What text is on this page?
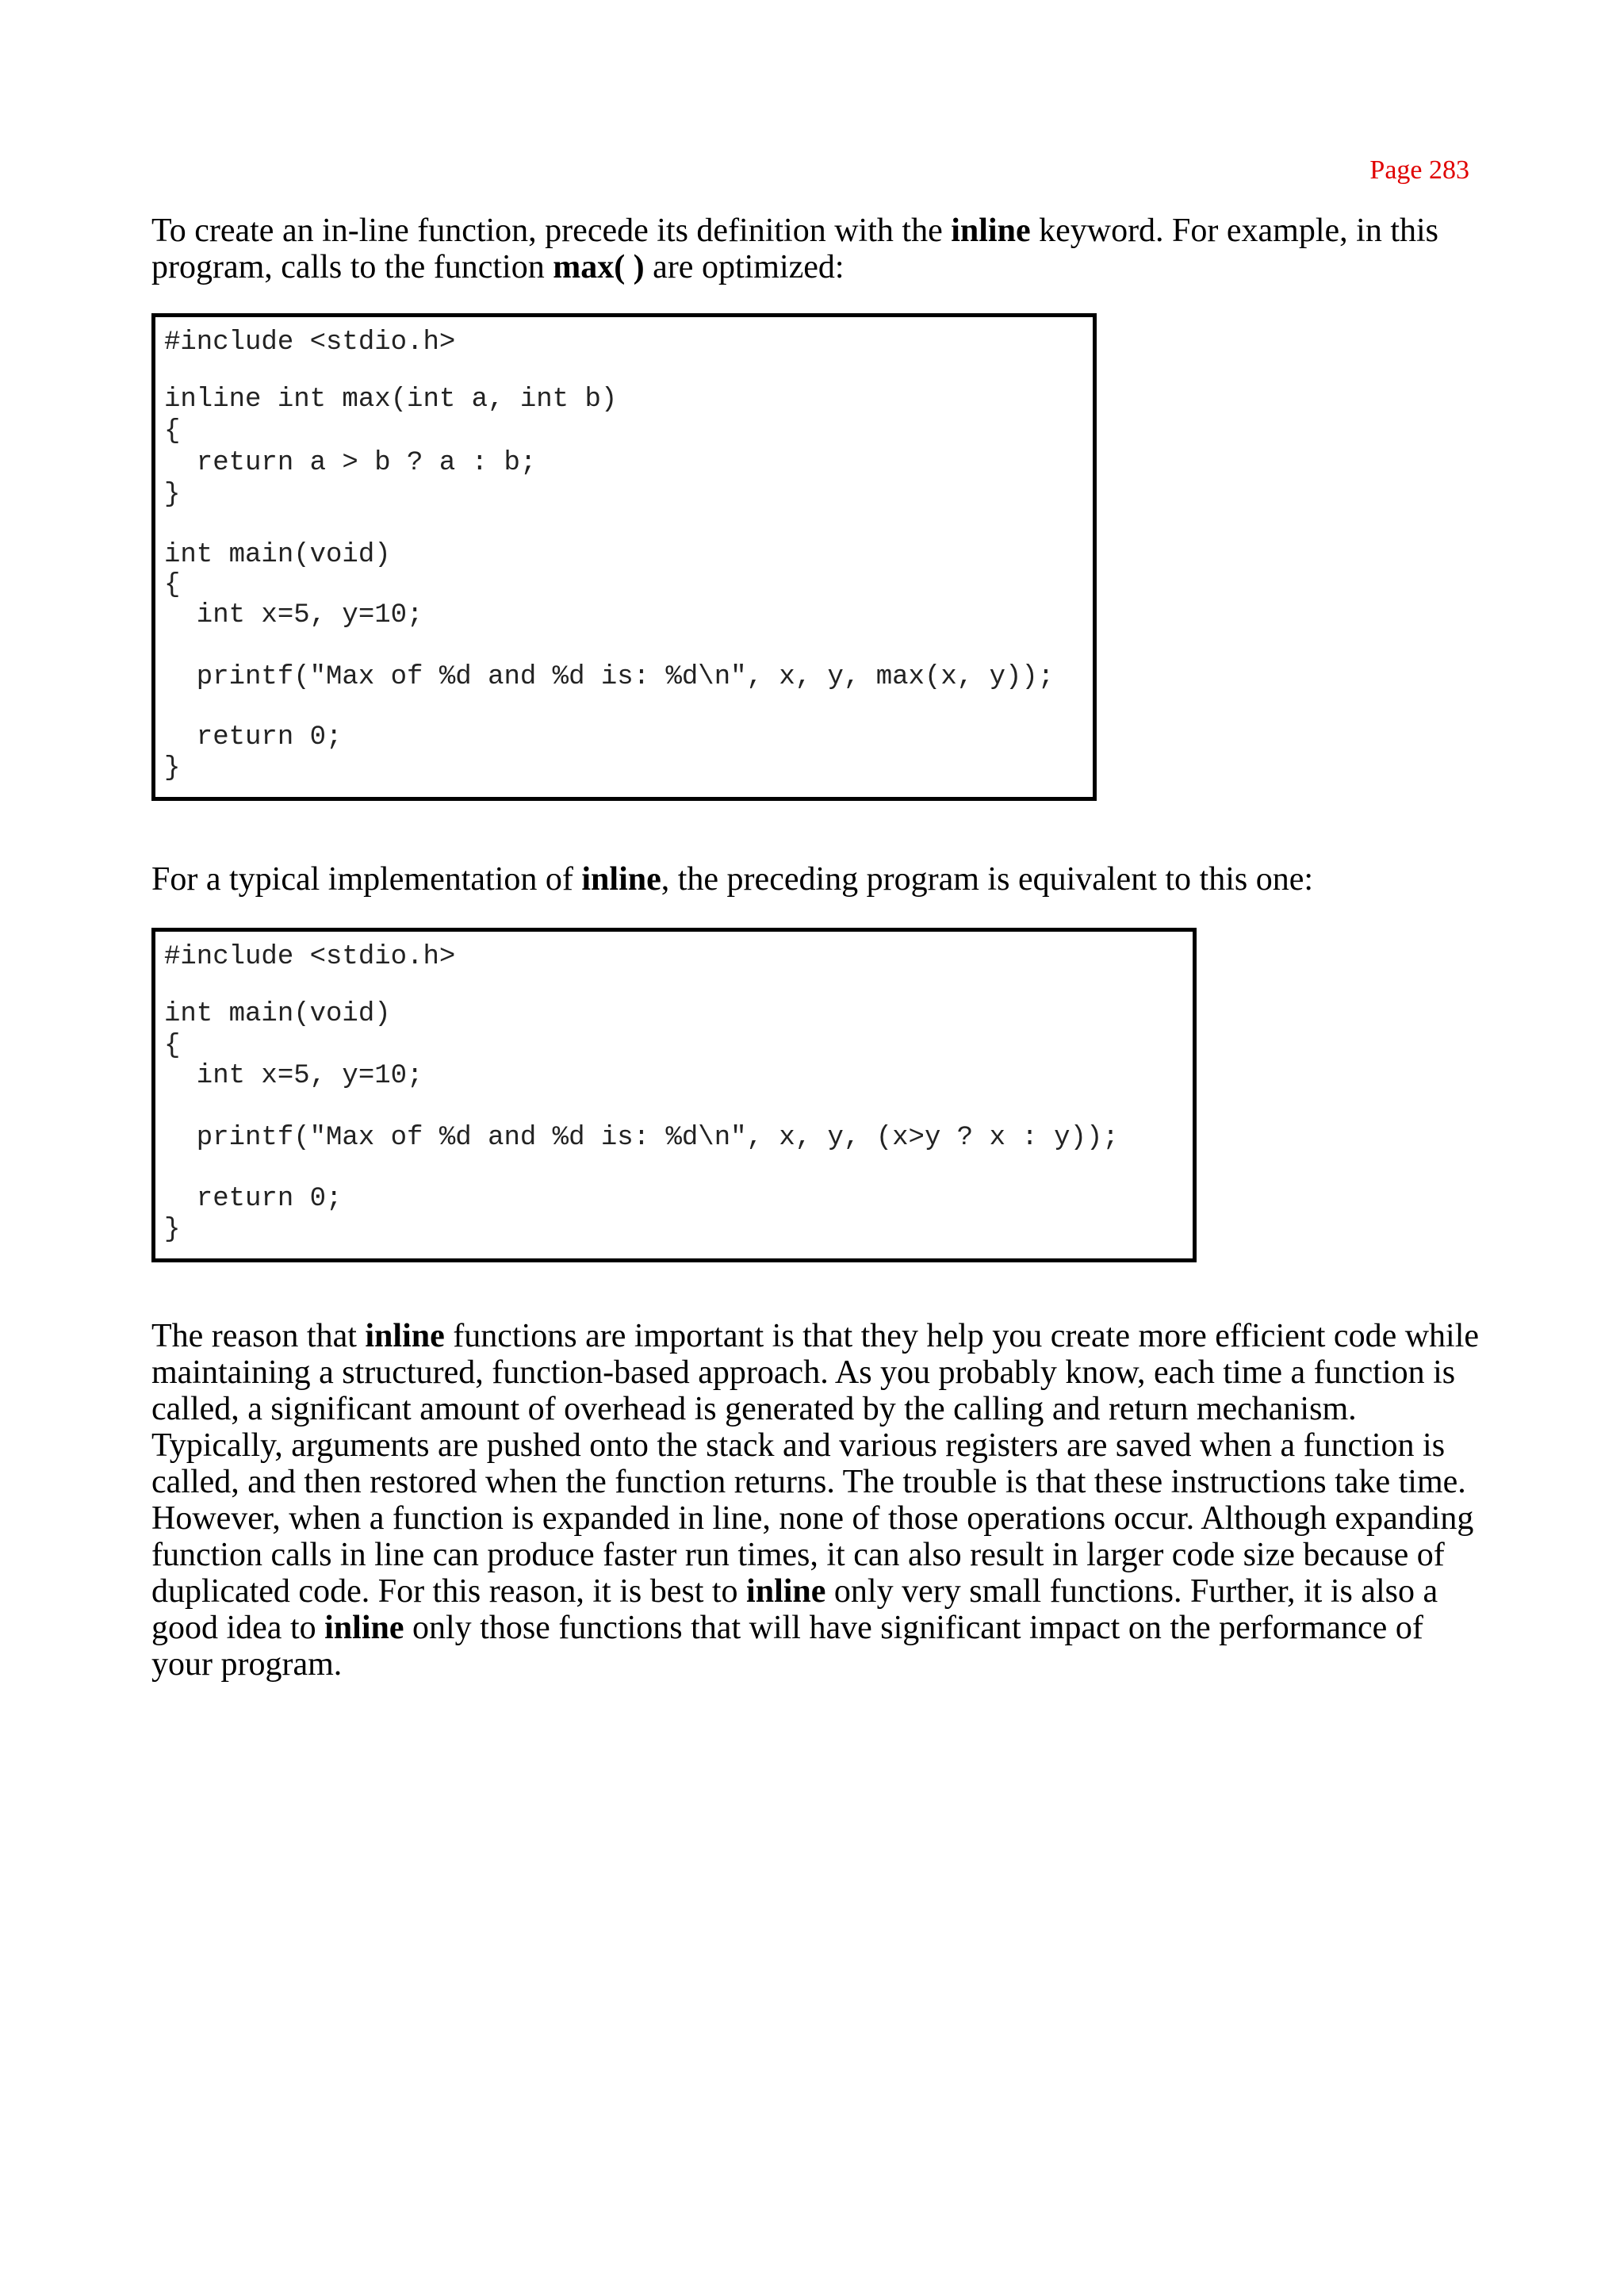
Page 283

To create an in-line function, precede its definition with the inline keyword. For example, in this program, calls to the function max( ) are optimized:

#include <stdio.h>
inline int max(int a, int b)
{
return a > b ? a : b;
}
int main(void)
{
int x=5, y=10;
printf("Max of %d and %d is: %d\n", x, y, max(x, y));
return 0;
}

For a typical implementation of inline, the preceding program is equivalent to this one:

#include <stdio.h>
int main(void)
{
int x=5, y=10;
printf("Max of %d and %d is: %d\n", x, y, (x>y ? x : y));
return 0;
}

The reason that inline functions are important is that they help you create more efficient code while maintaining a structured, function-based approach. As you probably know, each time a function is called, a significant amount of overhead is generated by the calling and return mechanism. Typically, arguments are pushed onto the stack and various registers are saved when a function is called, and then restored when the function returns. The trouble is that these instructions take time. However, when a function is expanded in line, none of those operations occur. Although expanding function calls in line can produce faster run times, it can also result in larger code size because of duplicated code. For this reason, it is best to inline only very small functions. Further, it is also a good idea to inline only those functions that will have significant impact on the performance of your program.
